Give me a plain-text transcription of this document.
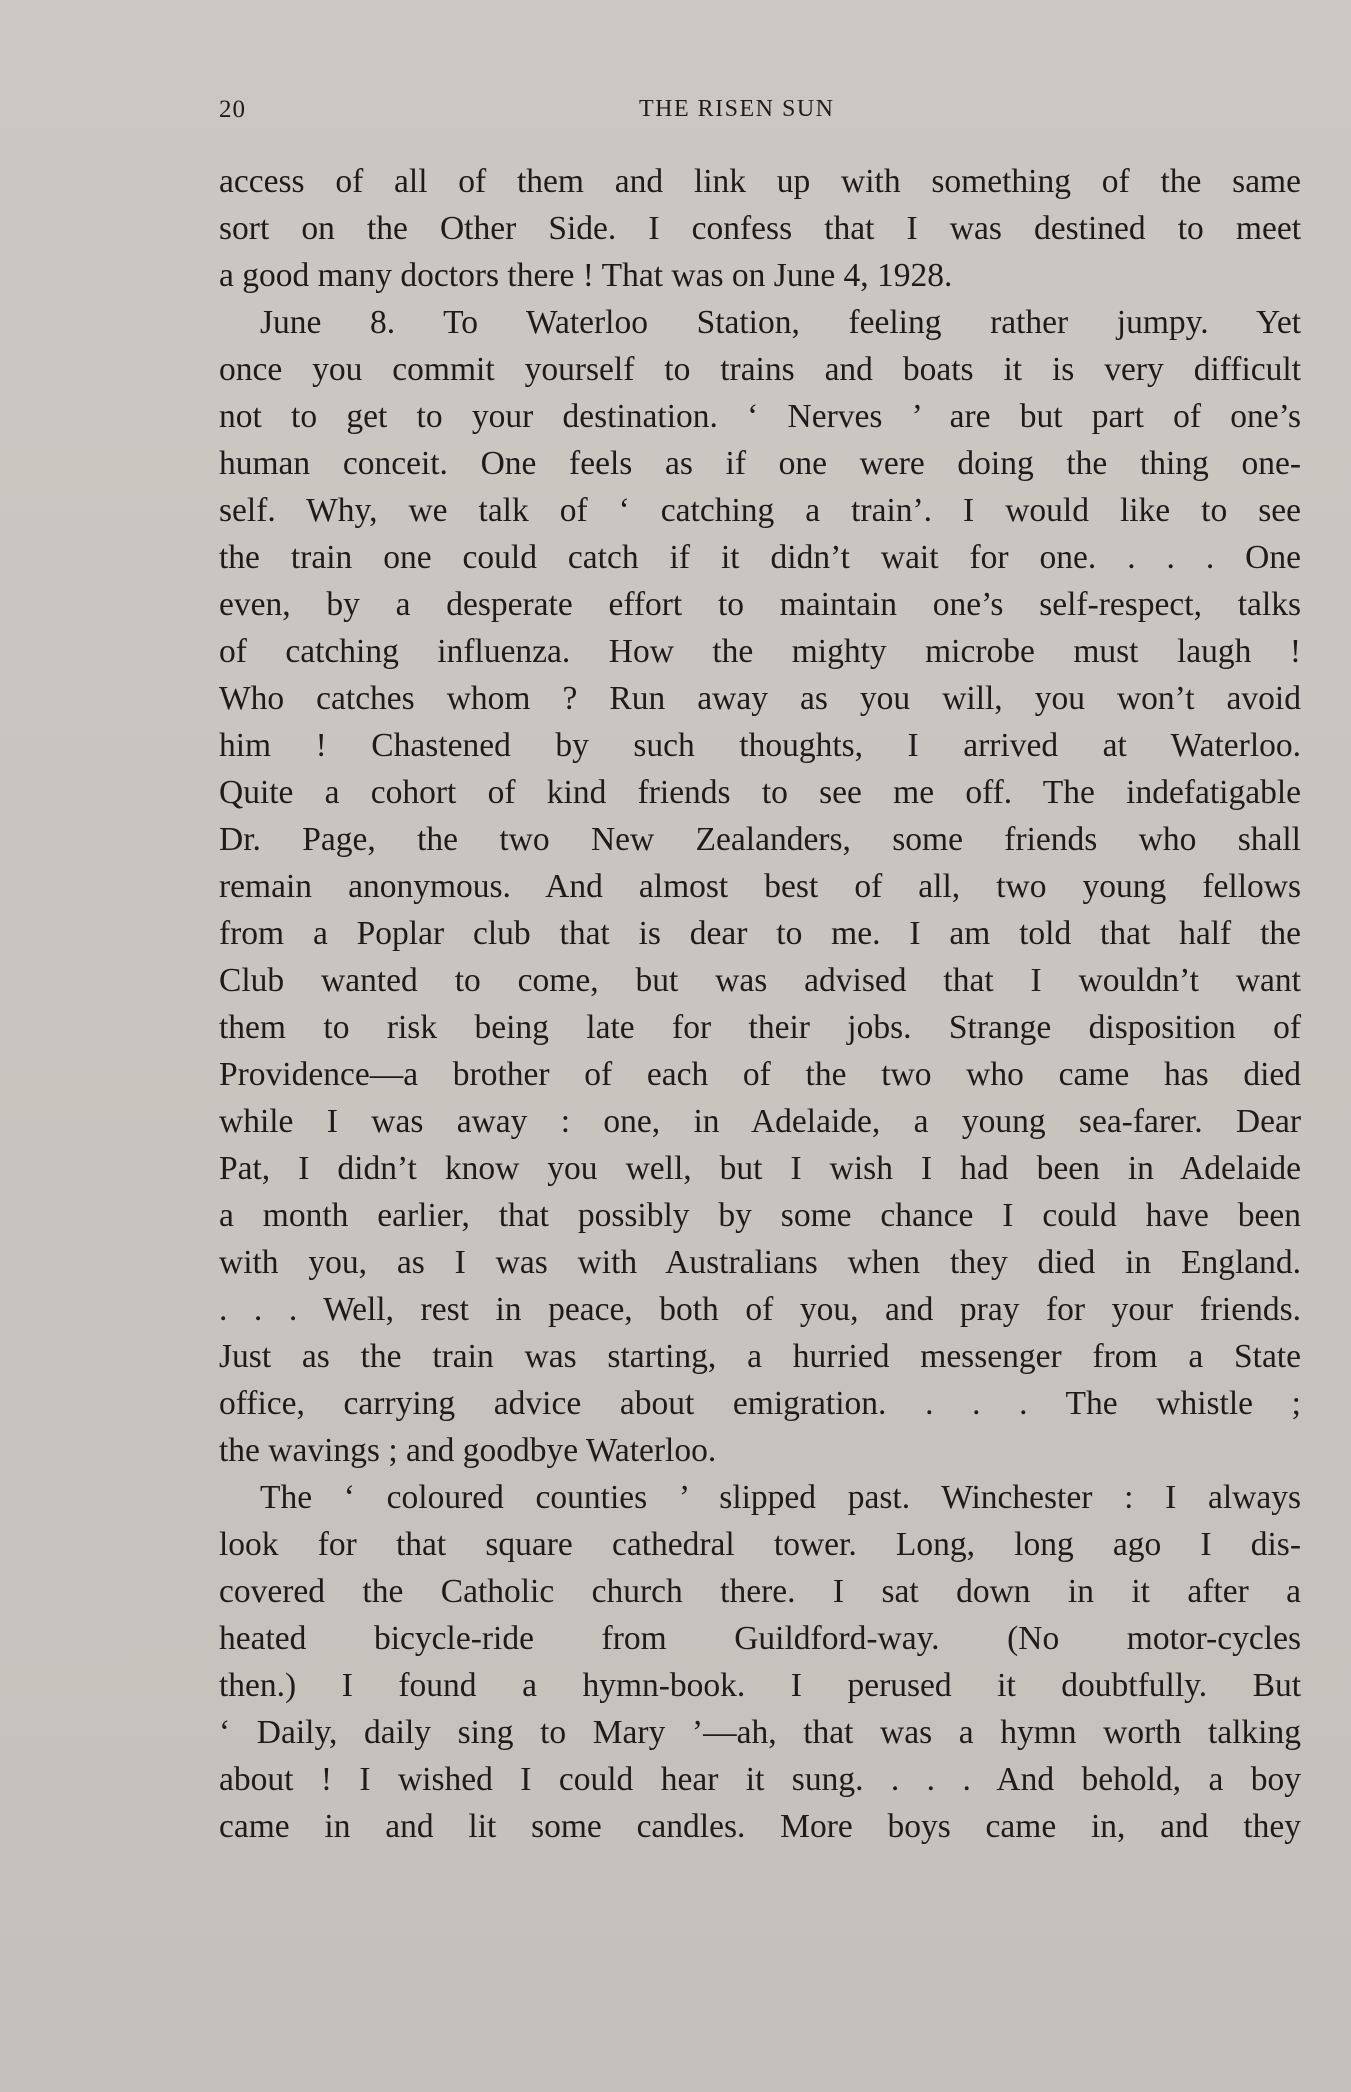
20	THE RISEN SUN
access of all of them and link up with something of the same
sort on the Other Side. I confess that I was destined to meet
a good many doctors there ! That was on June 4, 1928.
June 8. To Waterloo Station, feeling rather jumpy. Yet
once you commit yourself to trains and boats it is very difficult
not to get to your destination. ‘ Nerves ’ are but part of one’s
human conceit. One feels as if one were doing the thing one-
self. Why, we talk of ‘ catching a train’. I would like to see
the train one could catch if it didn’t wait for one. . . . One
even, by a desperate effort to maintain one’s self-respect, talks
of catching influenza. How the mighty microbe must laugh !
Who catches whom ? Run away as you will, you won’t avoid
him ! Chastened by such thoughts, I arrived at Waterloo.
Quite a cohort of kind friends to see me off. The indefatigable
Dr. Page, the two New Zealanders, some friends who shall
remain anonymous. And almost best of all, two young fellows
from a Poplar club that is dear to me. I am told that half the
Club wanted to come, but was advised that I wouldn’t want
them to risk being late for their jobs. Strange disposition of
Providence—a brother of each of the two who came has died
while I was away : one, in Adelaide, a young sea-farer. Dear
Pat, I didn’t know you well, but I wish I had been in Adelaide
a month earlier, that possibly by some chance I could have been
with you, as I was with Australians when they died in England.
. . . Well, rest in peace, both of you, and pray for your friends.
Just as the train was starting, a hurried messenger from a State
office, carrying advice about emigration. . . . The whistle ;
the wavings ; and goodbye Waterloo.
The ‘ coloured counties ’ slipped past. Winchester : I always
look for that square cathedral tower. Long, long ago I dis-
covered the Catholic church there. I sat down in it after a
heated bicycle-ride from Guildford-way. (No motor-cycles
then.) I found a hymn-book. I perused it doubtfully. But
‘ Daily, daily sing to Mary ’—ah, that was a hymn worth talking
about ! I wished I could hear it sung. . . . And behold, a boy
came in and lit some candles. More boys came in, and they
